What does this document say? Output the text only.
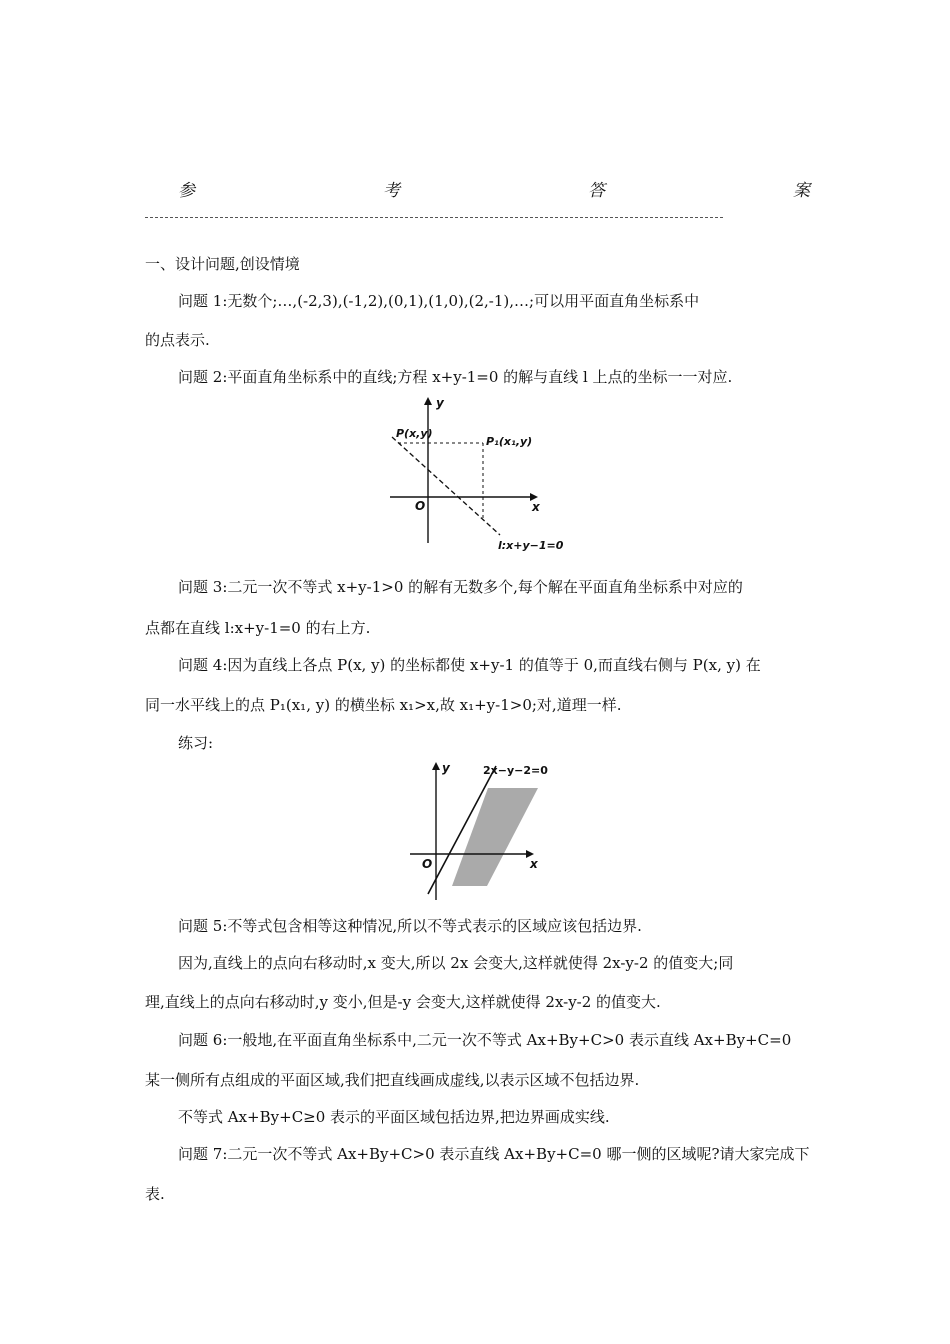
参	考	答	案
一、设计问题,创设情境
问题 1:无数个;…,(-2,3),(-1,2),(0,1),(1,0),(2,-1),…;可以用平面直角坐标系中
的点表示.
问题 2:平面直角坐标系中的直线;方程 x+y-1=0 的解与直线 l 上点的坐标一一对应.
y
x
O
P(x,y)
P₁(x₁,y)
l:x+y−1=0
问题 3:二元一次不等式 x+y-1>0 的解有无数多个,每个解在平面直角坐标系中对应的
点都在直线 l:x+y-1=0 的右上方.
问题 4:因为直线上各点 P(x, y) 的坐标都使 x+y-1 的值等于 0,而直线右侧与 P(x, y) 在
同一水平线上的点 P₁(x₁, y) 的横坐标 x₁>x,故 x₁+y-1>0;对,道理一样.
练习:
y
x
O
2x−y−2=0
问题 5:不等式包含相等这种情况,所以不等式表示的区域应该包括边界.
因为,直线上的点向右移动时,x 变大,所以 2x 会变大,这样就使得 2x-y-2 的值变大;同
理,直线上的点向右移动时,y 变小,但是-y 会变大,这样就使得 2x-y-2 的值变大.
问题 6:一般地,在平面直角坐标系中,二元一次不等式 Ax+By+C>0 表示直线 Ax+By+C=0
某一侧所有点组成的平面区域,我们把直线画成虚线,以表示区域不包括边界.
不等式 Ax+By+C≥0 表示的平面区域包括边界,把边界画成实线.
问题 7:二元一次不等式 Ax+By+C>0 表示直线 Ax+By+C=0 哪一侧的区域呢?请大家完成下
表.
